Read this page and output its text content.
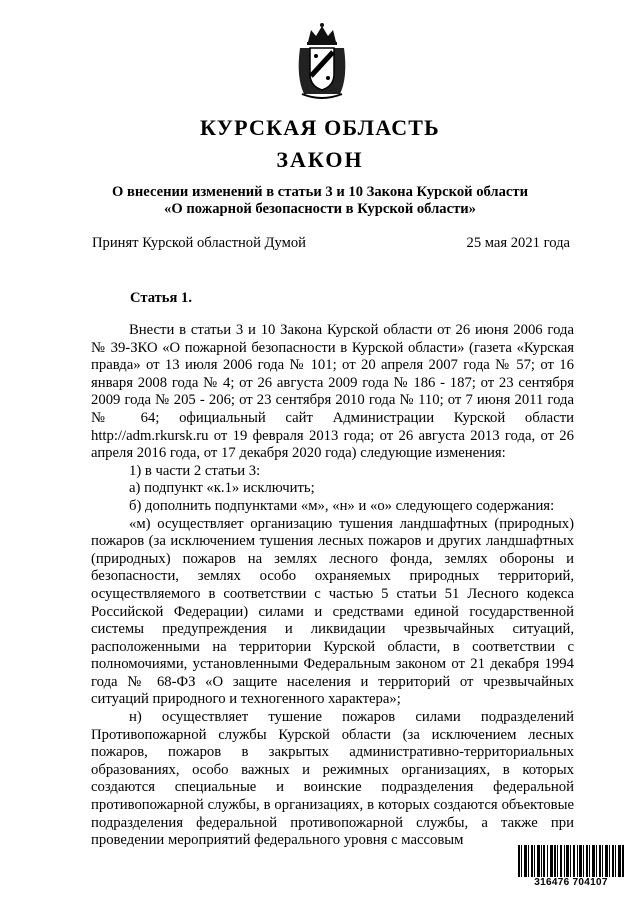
КУРСКАЯ ОБЛАСТЬ
ЗАКОН
О внесении изменений в статьи 3 и 10 Закона Курской области
«О пожарной безопасности в Курской области»
Принят Курской областной Думой	25 мая 2021 года
Статья 1.

Внести в статьи 3 и 10 Закона Курской области от 26 июня 2006 года № 39-ЗКО «О пожарной безопасности в Курской области» (газета «Курская правда» от 13 июля 2006 года № 101; от 20 апреля 2007 года № 57; от 16 января 2008 года № 4; от 26 августа 2009 года № 186 - 187; от 23 сентября 2009 года № 205 - 206; от 23 сентября 2010 года № 110; от 7 июня 2011 года № 64; официальный сайт Администрации Курской области http://adm.rkursk.ru от 19 февраля 2013 года; от 26 августа 2013 года, от 26 апреля 2016 года, от 17 декабря 2020 года) следующие изменения:

1) в части 2 статьи 3:

а) подпункт «к.1» исключить;

б) дополнить подпунктами «м», «н» и «о» следующего содержания:

«м) осуществляет организацию тушения ландшафтных (природных) пожаров (за исключением тушения лесных пожаров и других ландшафтных (природных) пожаров на землях лесного фонда, землях обороны и безопасности, землях особо охраняемых природных территорий, осуществляемого в соответствии с частью 5 статьи 51 Лесного кодекса Российской Федерации) силами и средствами единой государственной системы предупреждения и ликвидации чрезвычайных ситуаций, расположенными на территории Курской области, в соответствии с полномочиями, установленными Федеральным законом от 21 декабря 1994 года № 68-ФЗ «О защите населения и территорий от чрезвычайных ситуаций природного и техногенного характера»;

н) осуществляет тушение пожаров силами подразделений Противопожарной службы Курской области (за исключением лесных пожаров, пожаров в закрытых административно-территориальных образованиях, особо важных и режимных организациях, в которых создаются специальные и воинские подразделения федеральной противопожарной службы, в организациях, в которых создаются объектовые подразделения федеральной противопожарной службы, а также при проведении мероприятий федерального уровня с массовым

316476 704107
